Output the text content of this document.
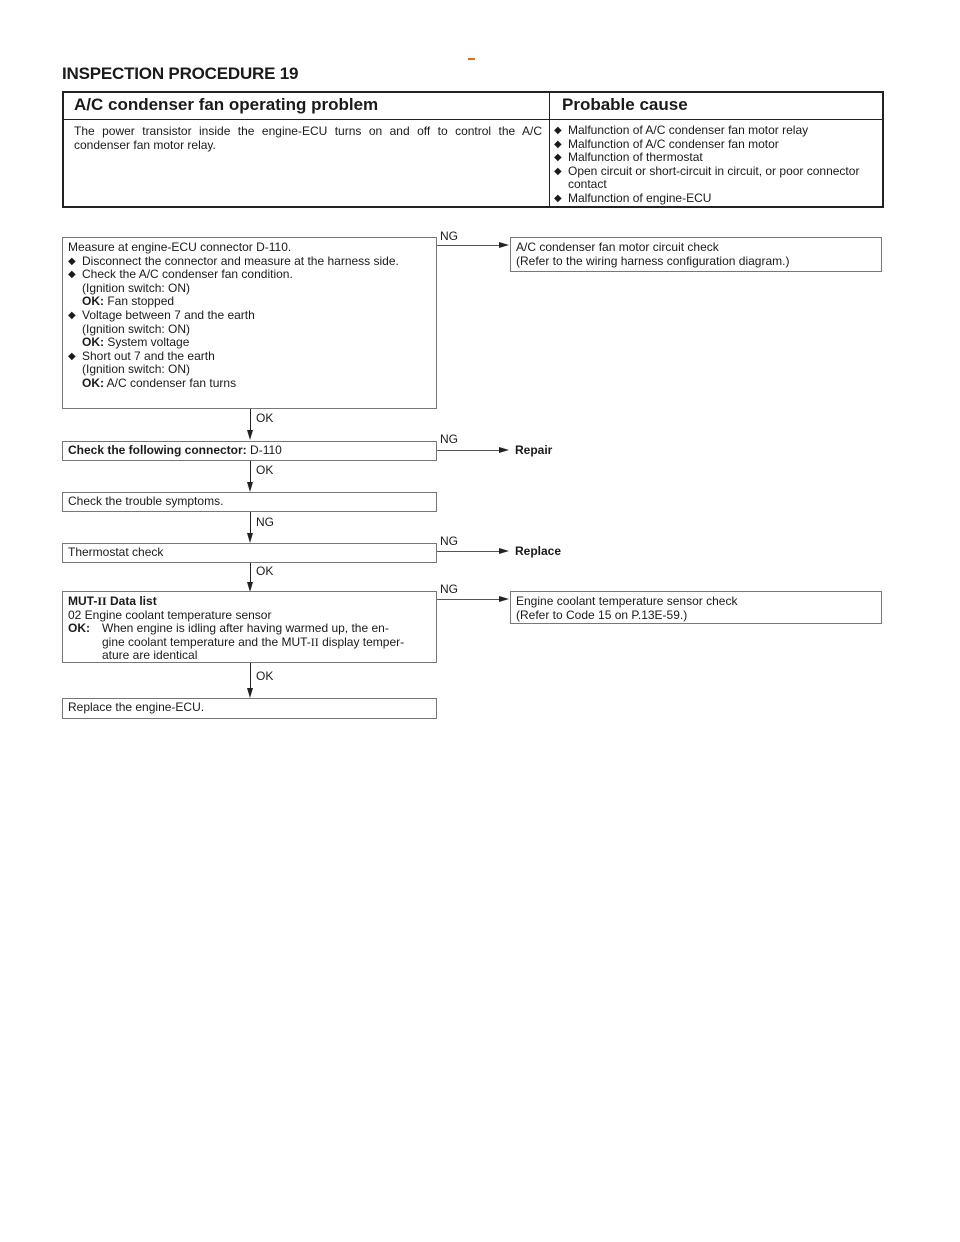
INSPECTION PROCEDURE 19
A/C condenser fan operating problem	Probable cause
The power transistor inside the engine-ECU turns on and off to control the A/C condenser fan motor relay.
◆ Malfunction of A/C condenser fan motor relay
◆ Malfunction of A/C condenser fan motor
◆ Malfunction of thermostat
◆ Open circuit or short-circuit in circuit, or poor connector contact
◆ Malfunction of engine-ECU
Measure at engine-ECU connector D-110.
◆ Disconnect the connector and measure at the harness side.
◆ Check the A/C condenser fan condition.
(Ignition switch: ON)
OK: Fan stopped
◆ Voltage between 7 and the earth
(Ignition switch: ON)
OK: System voltage
◆ Short out 7 and the earth
(Ignition switch: ON)
OK: A/C condenser fan turns
NG
A/C condenser fan motor circuit check
(Refer to the wiring harness configuration diagram.)
OK
Check the following connector: D-110
NG
Repair
OK
Check the trouble symptoms.
NG
Thermostat check
NG
Replace
OK
MUT-II Data list
02 Engine coolant temperature sensor
OK:	When engine is idling after having warmed up, the en-
gine coolant temperature and the MUT-II display temper-
ature are identical
NG
Engine coolant temperature sensor check
(Refer to Code 15 on P.13E-59.)
OK
Replace the engine-ECU.
